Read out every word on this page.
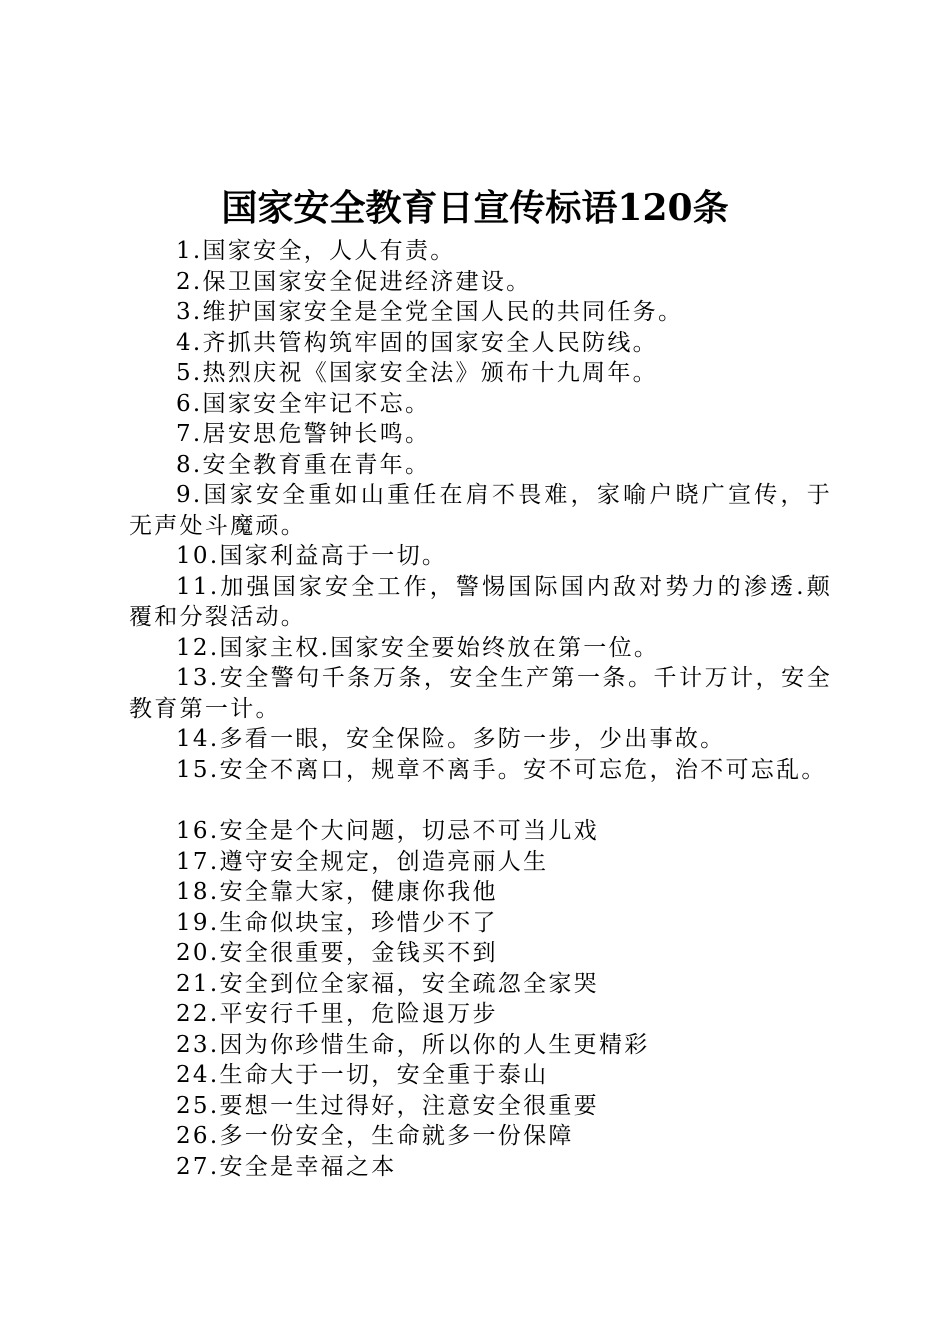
国家安全教育日宣传标语120条

1.国家安全，人人有责。

2.保卫国家安全促进经济建设。

3.维护国家安全是全党全国人民的共同任务。

4.齐抓共管构筑牢固的国家安全人民防线。

5.热烈庆祝《国家安全法》颁布十九周年。

6.国家安全牢记不忘。

7.居安思危警钟长鸣。

8.安全教育重在青年。

9.国家安全重如山重任在肩不畏难，家喻户晓广宣传，于无声处斗魔顽。

10.国家利益高于一切。

11.加强国家安全工作，警惕国际国内敌对势力的渗透.颠覆和分裂活动。

12.国家主权.国家安全要始终放在第一位。

13.安全警句千条万条，安全生产第一条。千计万计，安全教育第一计。

14.多看一眼，安全保险。多防一步，少出事故。

15.安全不离口，规章不离手。安不可忘危，治不可忘乱。

16.安全是个大问题，切忌不可当儿戏

17.遵守安全规定，创造亮丽人生

18.安全靠大家，健康你我他

19.生命似块宝，珍惜少不了

20.安全很重要，金钱买不到

21.安全到位全家福，安全疏忽全家哭

22.平安行千里，危险退万步

23.因为你珍惜生命，所以你的人生更精彩

24.生命大于一切，安全重于泰山

25.要想一生过得好，注意安全很重要

26.多一份安全，生命就多一份保障

27.安全是幸福之本
